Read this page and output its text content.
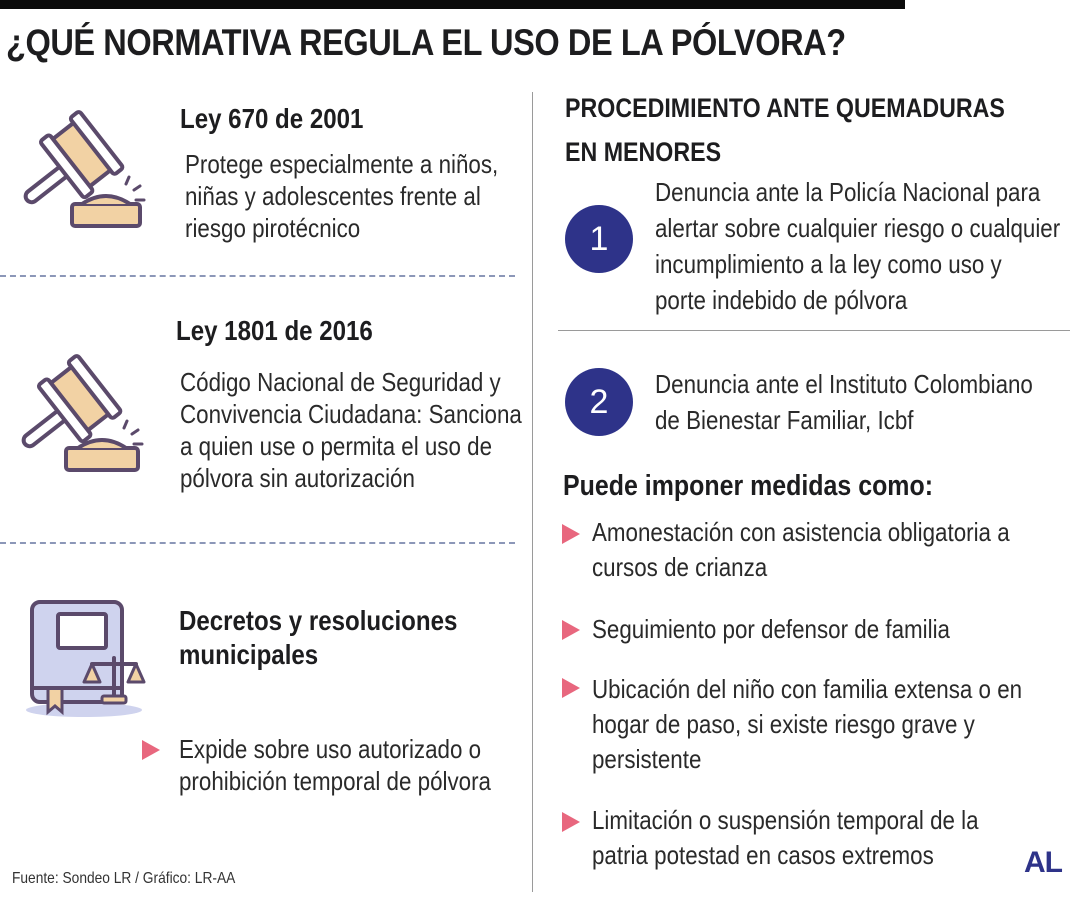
¿QUÉ NORMATIVA REGULA EL USO DE LA PÓLVORA?
Ley 670 de 2001
Protege especialmente a niños,
niñas y adolescentes frente al
riesgo pirotécnico
Ley 1801 de 2016
Código Nacional de Seguridad y
Convivencia Ciudadana: Sanciona
a quien use o permita el uso de
pólvora sin autorización
Decretos y resoluciones
municipales
Expide sobre uso autorizado o
prohibición temporal de pólvora
Fuente: Sondeo LR / Gráfico: LR-AA
PROCEDIMIENTO ANTE QUEMADURAS
EN MENORES
1
Denuncia ante la Policía Nacional para
alertar sobre cualquier riesgo o cualquier
incumplimiento a la ley como uso y
porte indebido de pólvora
2	Denuncia ante el Instituto Colombiano
de Bienestar Familiar, Icbf
Puede imponer medidas como:
Amonestación con asistencia obligatoria a
cursos de crianza
Seguimiento por defensor de familia
Ubicación del niño con familia extensa o en
hogar de paso, si existe riesgo grave y
persistente
Limitación o suspensión temporal de la
patria potestad en casos extremos	AL
